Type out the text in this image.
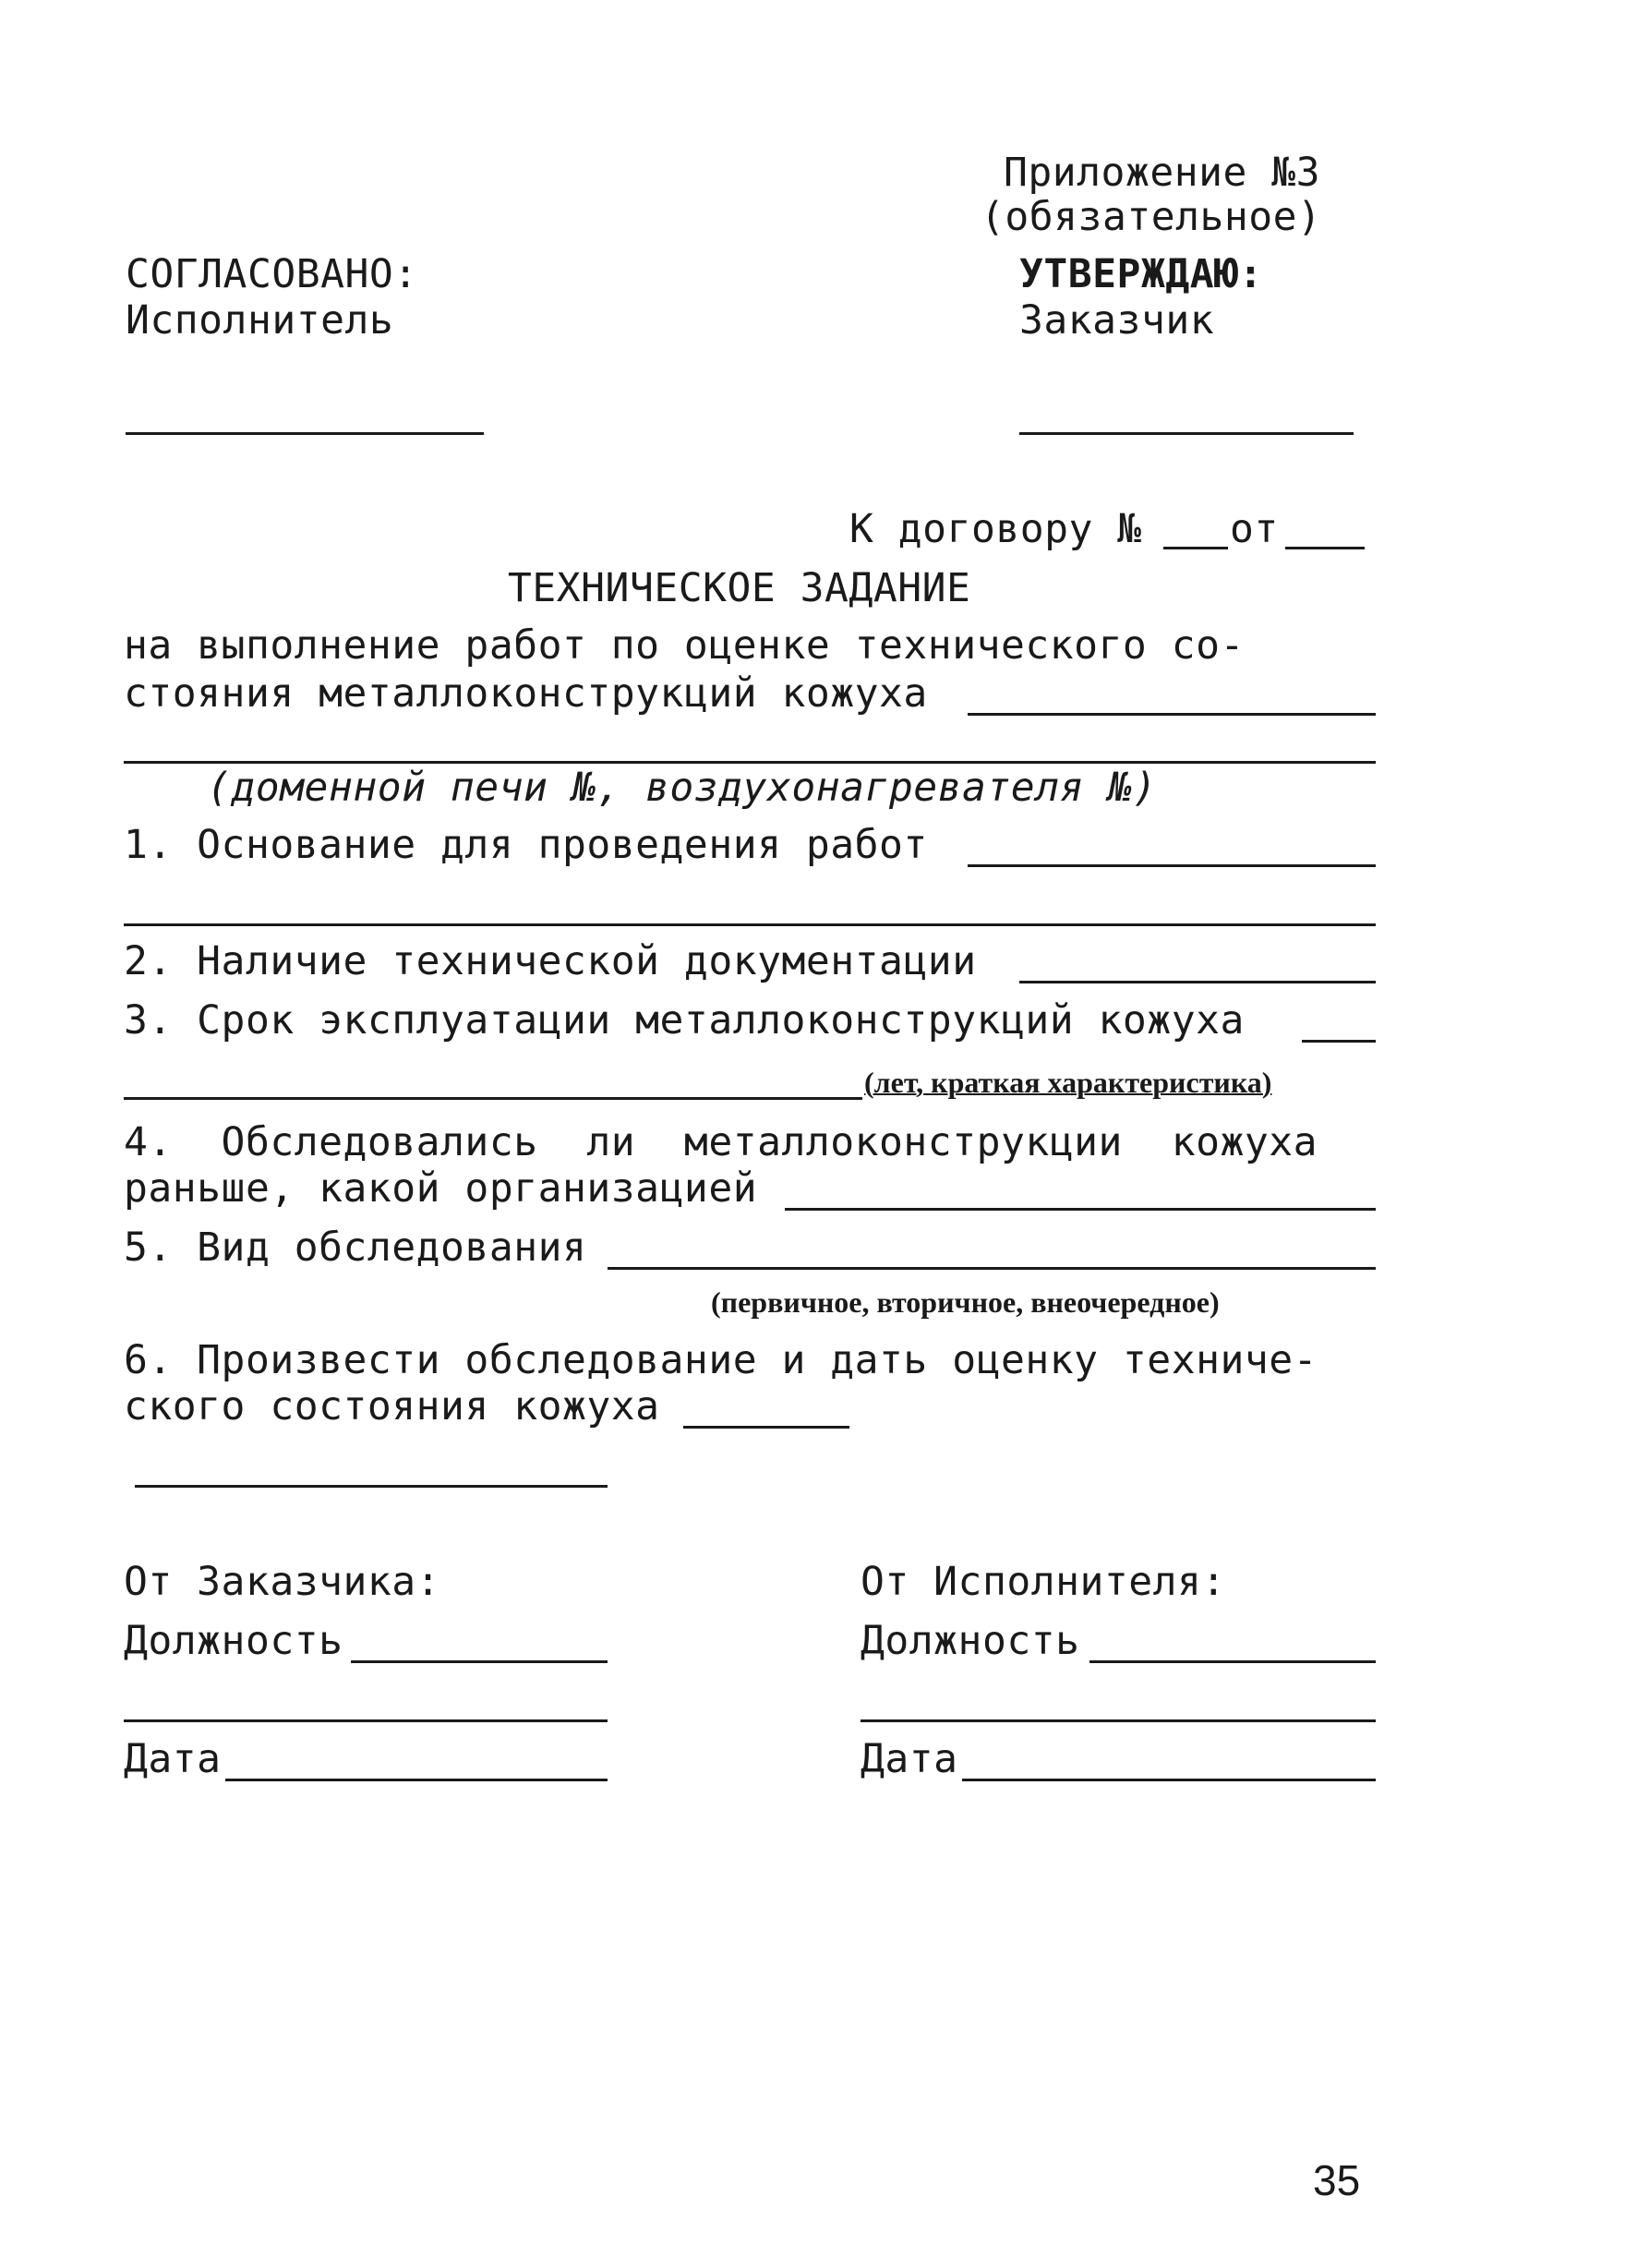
Приложение №3
(обязательное)
СОГЛАСОВАНО:
Исполнитель
УТВЕРЖДАЮ:
Заказчик
К договору № от
ТЕХНИЧЕСКОЕ ЗАДАНИЕ
на выполнение работ по оценке технического со-
стояния металлоконструкций кожуха
(доменной печи №, воздухонагревателя №)
1. Основание для проведения работ
2. Наличие технической документации
3. Срок эксплуатации металлоконструкций кожуха
(лет, краткая характеристика)
4.  Обследовались  ли  металлоконструкции  кожуха
раньше, какой организацией
5. Вид обследования
(первичное, вторичное, внеочередное)
6. Произвести обследование и дать оценку техниче-
ского состояния кожуха
От Заказчика:
Должность
Дата
От Исполнителя:
Должность
Дата
35
